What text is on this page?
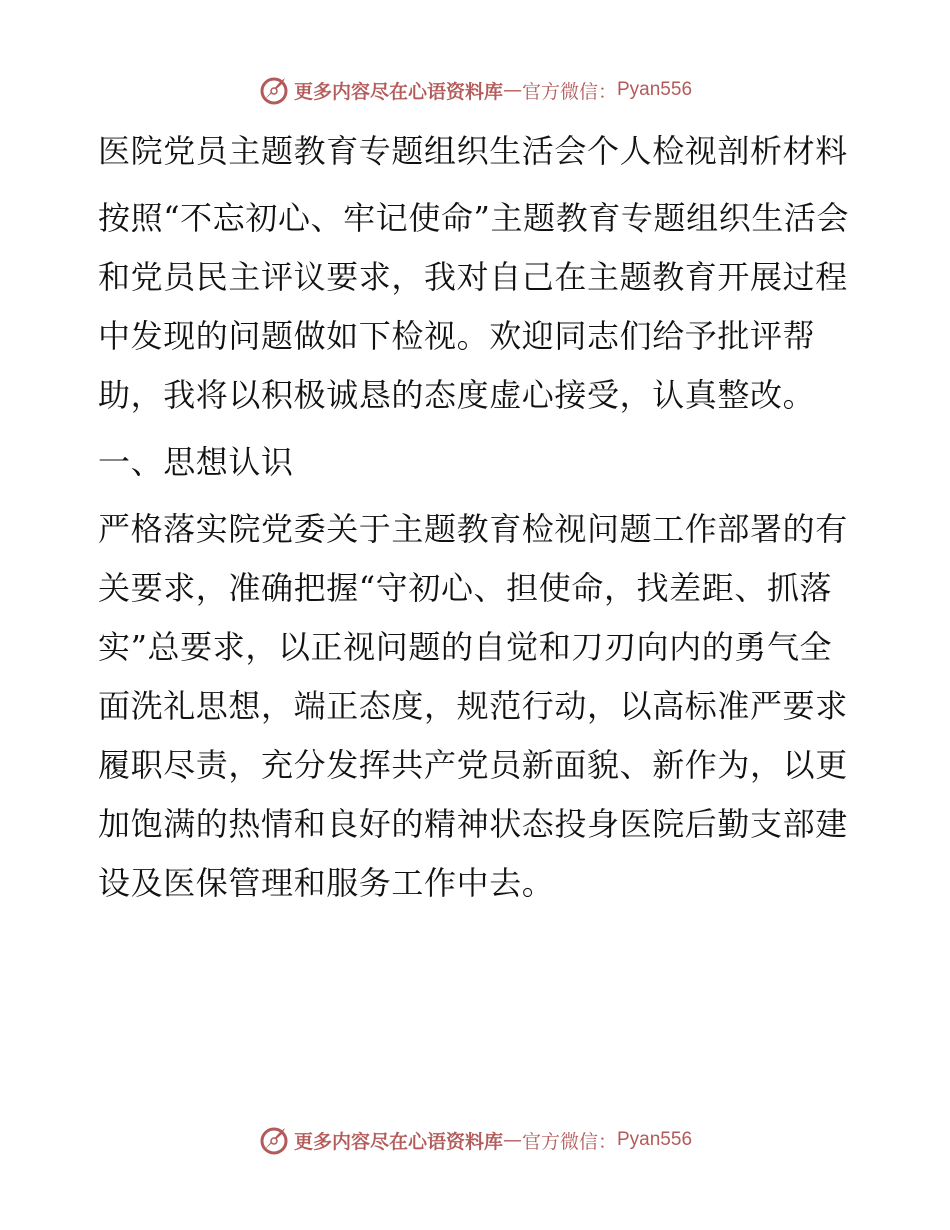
更多内容尽在心语资料库 — 官方微信： Pyan556

医院党员主题教育专题组织生活会个人检视剖析材料

按照“不忘初心、牢记使命”主题教育专题组织生活会和党员民主评议要求，我对自己在主题教育开展过程中发现的问题做如下检视。欢迎同志们给予批评帮助，我将以积极诚恳的态度虚心接受，认真整改。

一、思想认识

严格落实院党委关于主题教育检视问题工作部署的有关要求，准确把握“守初心、担使命，找差距、抓落实”总要求，以正视问题的自觉和刀刃向内的勇气全面洗礼思想，端正态度，规范行动，以高标准严要求履职尽责，充分发挥共产党员新面貌、新作为，以更加饱满的热情和良好的精神状态投身医院后勤支部建设及医保管理和服务工作中去。

更多内容尽在心语资料库 — 官方微信： Pyan556
